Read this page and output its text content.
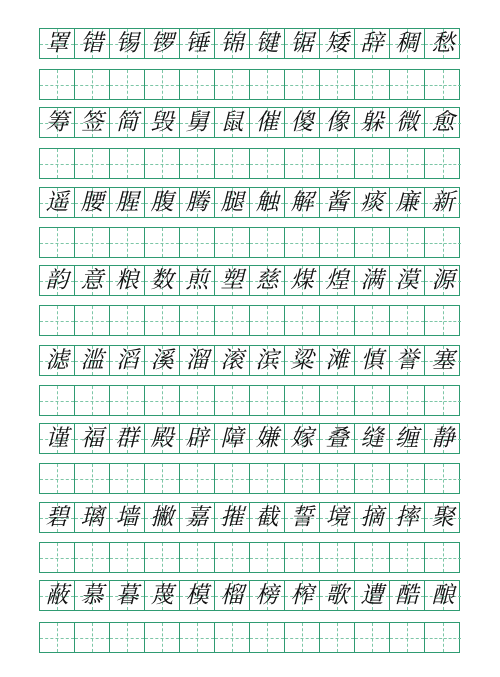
罩 错 锡 锣 锤 锦 键 锯 矮 辞 稠 愁
筹 签 简 毁 舅 鼠 催 傻 像 躲 微 愈
遥 腰 腥 腹 腾 腿 触 解 酱 痰 廉 新
韵 意 粮 数 煎 塑 慈 煤 煌 满 漠 源
滤 滥 滔 溪 溜 滚 滨 粱 滩 慎 誉 塞
谨 福 群 殿 辟 障 嫌 嫁 叠 缝 缠 静
碧 璃 墙 撇 嘉 摧 截 誓 境 摘 摔 聚
蔽 慕 暮 蔑 模 榴 榜 榨 歌 遭 酷 酿
